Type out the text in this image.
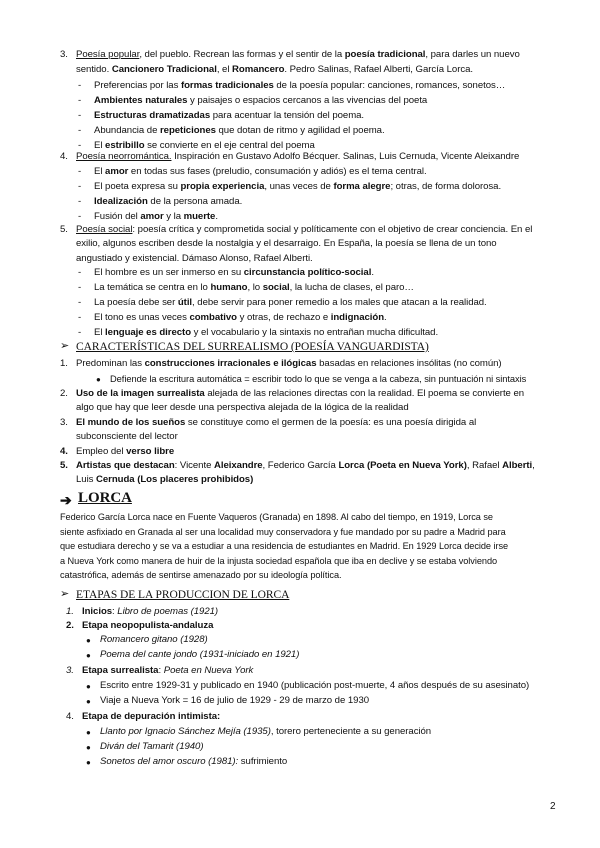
3. Poesía popular, del pueblo. Recrean las formas y el sentir de la poesía tradicional, para darles un nuevo
sentido. Cancionero Tradicional, el Romancero. Pedro Salinas, Rafael Alberti, García Lorca.
-	Preferencias por las formas tradicionales de la poesía popular: canciones, romances, sonetos…
-	Ambientes naturales y paisajes o espacios cercanos a las vivencias del poeta
-	Estructuras dramatizadas para acentuar la tensión del poema.
-	Abundancia de repeticiones que dotan de ritmo y agilidad el poema.
-	El estribillo se convierte en el eje central del poema
4. Poesía neorromántica. Inspiración en Gustavo Adolfo Bécquer. Salinas, Luis Cernuda, Vicente Aleixandre
-	El amor en todas sus fases (preludio, consumación y adiós) es el tema central.
-	El poeta expresa su propia experiencia, unas veces de forma alegre; otras, de forma dolorosa.
-	Idealización de la persona amada.
-	Fusión del amor y la muerte.
5. Poesía social: poesía crítica y comprometida social y políticamente con el objetivo de crear conciencia. En el
exilio, algunos escriben desde la nostalgia y el desarraigo. En España, la poesía se llena de un tono
angustiado y existencial. Dámaso Alonso, Rafael Alberti.
-	El hombre es un ser inmerso en su circunstancia político-social.
-	La temática se centra en lo humano, lo social, la lucha de clases, el paro…
-	La poesía debe ser útil, debe servir para poner remedio a los males que atacan a la realidad.
-	El tono es unas veces combativo y otras, de rechazo e indignación.
-	El lenguaje es directo y el vocabulario y la sintaxis no entrañan mucha dificultad.
➢ CARACTERÍSTICAS DEL SURREALISMO (POESÍA VANGUARDISTA)
1. Predominan las construcciones irracionales e ilógicas basadas en relaciones insólitas (no común)
● Defiende la escritura automática = escribir todo lo que se venga a la cabeza, sin puntuación ni sintaxis
2. Uso de la imagen surrealista alejada de las relaciones directas con la realidad. El poema se convierte en
algo que hay que leer desde una perspectiva alejada de la lógica de la realidad
3. El mundo de los sueños se constituye como el germen de la poesía: es una poesía dirigida al
subconsciente del lector
4. Empleo del verso libre
5. Artistas que destacan: Vicente Aleixandre, Federico García Lorca (Poeta en Nueva York), Rafael Alberti,
Luis Cernuda (Los placeres prohibidos)
➔ LORCA
Federico García Lorca nace en Fuente Vaqueros (Granada) en 1898. Al cabo del tiempo, en 1919, Lorca se
siente asfixiado en Granada al ser una localidad muy conservadora y fue mandado por su padre a Madrid para
que estudiara derecho y se va a estudiar a una residencia de estudiantes en Madrid. En 1929 Lorca decide irse
a Nueva York como manera de huir de la injusta sociedad española que iba en declive y se estaba volviendo
catastrófica, además de sentirse amenazado por su ideología política.
➢ ETAPAS DE LA PRODUCCION DE LORCA
1. Inicios: Libro de poemas (1921)
2. Etapa neopopulista-andaluza
● Romancero gitano (1928)
● Poema del cante jondo (1931-iniciado en 1921)
3. Etapa surrealista: Poeta en Nueva York
● Escrito entre 1929-31 y publicado en 1940 (publicación post-muerte, 4 años después de su asesinato)
● Viaje a Nueva York = 16 de julio de 1929 - 29 de marzo de 1930
4. Etapa de depuración intimista:
● Llanto por Ignacio Sánchez Mejía (1935), torero perteneciente a su generación
● Diván del Tamarit (1940)
● Sonetos del amor oscuro (1981): sufrimiento
2
